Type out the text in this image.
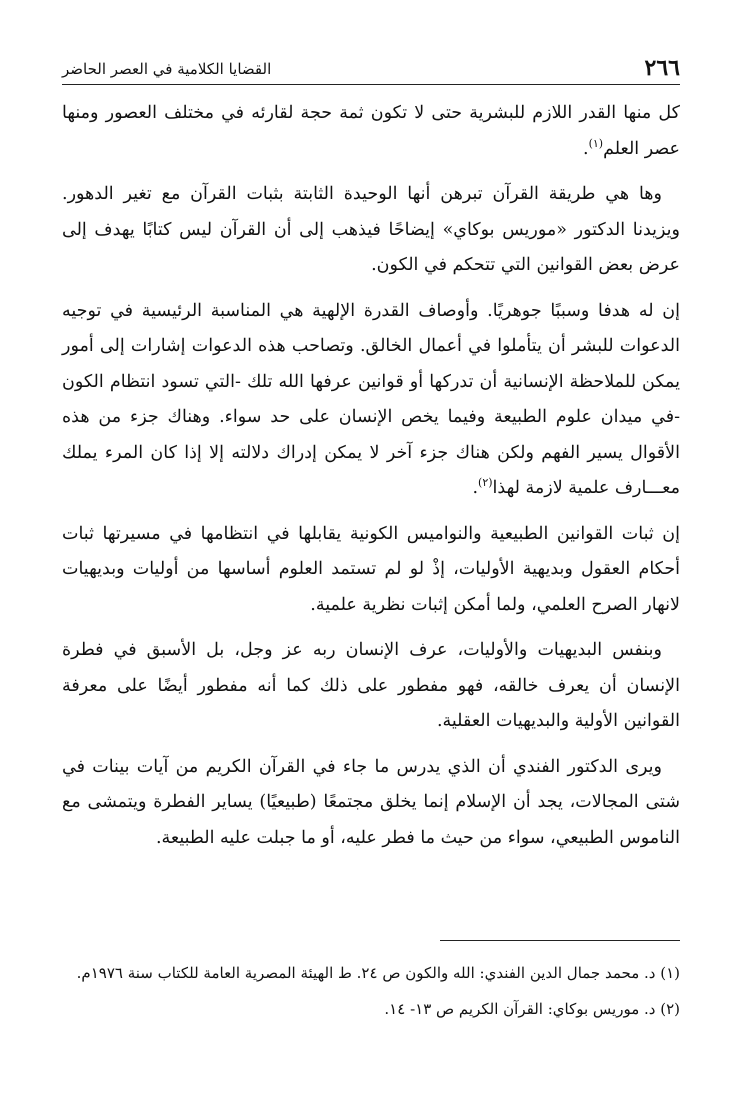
٢٦٦
القضايا الكلامية في العصر الحاضر

كل منها القدر اللازم للبشرية حتى لا تكون ثمة حجة لقارئه في مختلف العصور ومنها عصر العلم$^{(١)}$.

وها هي طريقة القرآن تبرهن أنها الوحيدة الثابتة بثبات القرآن مع تغير الدهور. ويزيدنا الدكتور «موريس بوكاي» إيضاحًا فيذهب إلى أن القرآن ليس كتابًا يهدف إلى عرض بعض القوانين التي تتحكم في الكون.

إن له هدفا وسببًا جوهريًا. وأوصاف القدرة الإلهية هي المناسبة الرئيسية في توجيه الدعوات للبشر أن يتأملوا في أعمال الخالق. وتصاحب هذه الدعوات إشارات إلى أمور يمكن للملاحظة الإنسانية أن تدركها أو قوانين عرفها الله تلك -التي تسود انتظام الكون -في ميدان علوم الطبيعة وفيما يخص الإنسان على حد سواء. وهناك جزء من هذه الأقوال يسير الفهم ولكن هناك جزء آخر لا يمكن إدراك دلالته إلا إذا كان المرء يملك معـــارف علمية لازمة لهذا$^{(٢)}$.

إن ثبات القوانين الطبيعية والنواميس الكونية يقابلها في انتظامها في مسيرتها ثبات أحكام العقول وبديهية الأوليات، إذْ لو لم تستمد العلوم أساسها من أوليات وبديهيات لانهار الصرح العلمي، ولما أمكن إثبات نظرية علمية.

وبنفس البديهيات والأوليات، عرف الإنسان ربه عز وجل، بل الأسبق في فطرة الإنسان أن يعرف خالقه، فهو مفطور على ذلك كما أنه مفطور أيضًا على معرفة القوانين الأولية والبديهيات العقلية.

ويرى الدكتور الفندي أن الذي يدرس ما جاء في القرآن الكريم من آيات بينات في شتى المجالات، يجد أن الإسلام إنما يخلق مجتمعًا (طبيعيًا) يساير الفطرة ويتمشى مع الناموس الطبيعي، سواء من حيث ما فطر عليه، أو ما جبلت عليه الطبيعة.

(١) د. محمد جمال الدين الفندي: الله والكون ص ٢٤. ط الهيئة المصرية العامة للكتاب سنة ١٩٧٦م.

(٢) د. موريس بوكاي: القرآن الكريم ص ١٣- ١٤.
